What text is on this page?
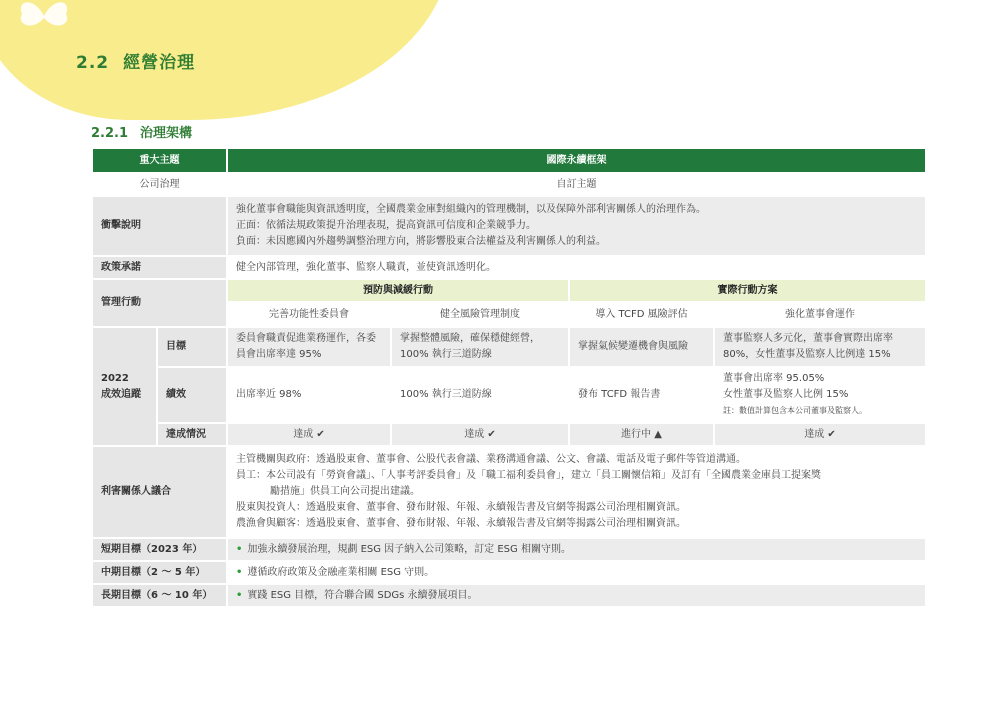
2.2 經營治理
2.2.1 治理架構
重大主題		國際永續框架			
公司治理		自訂主題			
衝擊說明		強化董事會職能與資訊透明度，全國農業金庫對組織內的管理機制，以及保障外部利害關係人的治理作為。
正面：依循法規政策提升治理表現，提高資訊可信度和企業競爭力。
負面：未因應國內外趨勢調整治理方向，將影響股東合法權益及利害關係人的利益。			

政策承諾		健全內部管理，強化董事、監察人職責，並使資訊透明化。			
管理行動		預防與減緩行動		實際行動方案	
		完善功能性委員會	健全風險管理制度	導入 TCFD 風險評估	強化董事會運作

2022
成效追蹤	目標	委員會職責促進業務運作，各委員會出席率達 95%	掌握整體風險，確保穩健經營，100% 執行三道防線	掌握氣候變遷機會與風險	董事監察人多元化，董事會實際出席率 80%，女性董事及監察人比例達 15%
	績效	出席率近 98%	100% 執行三道防線	發布 TCFD 報告書	董事會出席率 95.05%
女性董事及監察人比例 15%
註：數值計算包含本公司董事及監察人。

	達成情況	達成 ✔	達成 ✔	進行中 ▲	達成 ✔
利害關係人議合		主管機關與政府：透過股東會、董事會、公股代表會議、業務溝通會議、公文、會議、電話及電子郵件等管道溝通。
員工：本公司設有「勞資會議」、「人事考評委員會」及「職工福利委員會」，建立「員工關懷信箱」及訂有「全國農業金庫員工提案獎
勵措施」供員工向公司提出建議。
股東與投資人：透過股東會、董事會、發布財報、年報、永續報告書及官網等揭露公司治理相關資訊。
農漁會與顧客：透過股東會、董事會、發布財報、年報、永續報告書及官網等揭露公司治理相關資訊。			

短期目標（2023 年）		• 加強永續發展治理，規劃 ESG 因子納入公司策略，訂定 ESG 相關守則。			
中期目標（2 ～ 5 年）		• 遵循政府政策及金融產業相關 ESG 守則。			
長期目標（6 ～ 10 年）		• 實踐 ESG 目標，符合聯合國 SDGs 永續發展項目。			
